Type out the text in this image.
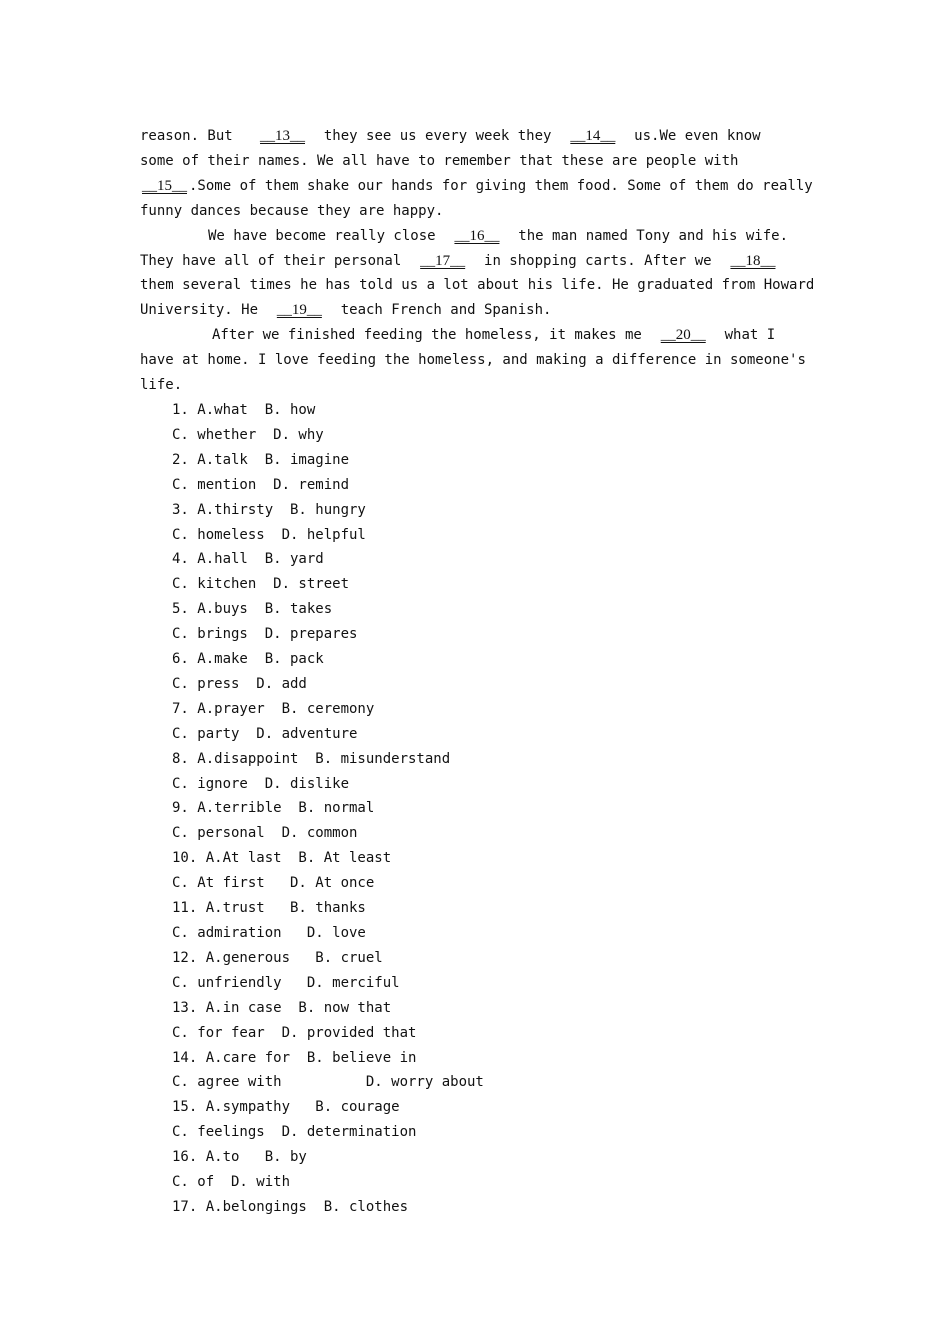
reason. But   __13__  they see us every week they  __14__  us.We even know
some of their names. We all have to remember that these are people with
__15__ .Some of them shake our hands for giving them food. Some of them do really
funny dances because they are happy.
We have become really close  __16__  the man named Tony and his wife.
They have all of their personal  __17__  in shopping carts. After we  __18__
them several times he has told us a lot about his life. He graduated from Howard
University. He  __19__  teach French and Spanish.
After we finished feeding the homeless, it makes me  __20__  what I
have at home. I love feeding the homeless, and making a difference in someone's
life.
1. A.what  B. how
C. whether  D. why
2. A.talk  B. imagine
C. mention  D. remind
3. A.thirsty  B. hungry
C. homeless  D. helpful
4. A.hall  B. yard
C. kitchen  D. street
5. A.buys  B. takes
C. brings  D. prepares
6. A.make  B. pack
C. press  D. add
7. A.prayer  B. ceremony
C. party  D. adventure
8. A.disappoint  B. misunderstand
C. ignore  D. dislike
9. A.terrible  B. normal
C. personal  D. common
10. A.At last  B. At least
C. At first   D. At once
11. A.trust   B. thanks
C. admiration   D. love
12. A.generous   B. cruel
C. unfriendly   D. merciful
13. A.in case  B. now that
C. for fear  D. provided that
14. A.care for  B. believe in
C. agree with          D. worry about
15. A.sympathy   B. courage
C. feelings  D. determination
16. A.to   B. by
C. of  D. with
17. A.belongings  B. clothes
